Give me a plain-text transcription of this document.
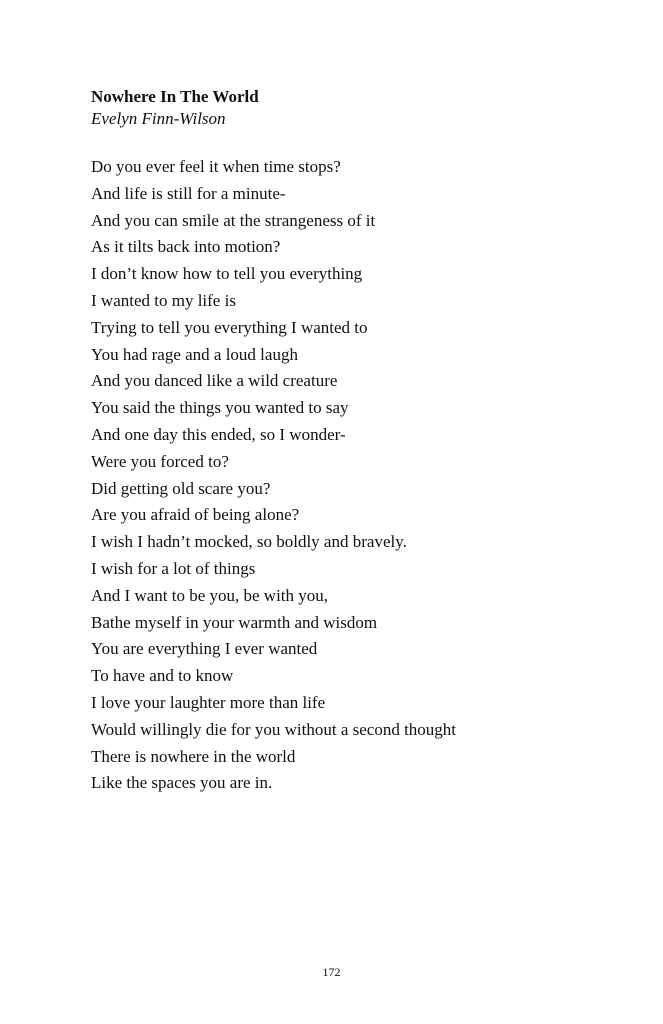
Nowhere In The World
Evelyn Finn-Wilson
Do you ever feel it when time stops?
And life is still for a minute-
And you can smile at the strangeness of it
As it tilts back into motion?
I don’t know how to tell you everything
I wanted to my life is
Trying to tell you everything I wanted to
You had rage and a loud laugh
And you danced like a wild creature
You said the things you wanted to say
And one day this ended, so I wonder-
Were you forced to?
Did getting old scare you?
Are you afraid of being alone?
I wish I hadn’t mocked, so boldly and bravely.
I wish for a lot of things
And I want to be you, be with you,
Bathe myself in your warmth and wisdom
You are everything I ever wanted
To have and to know
I love your laughter more than life
Would willingly die for you without a second thought
There is nowhere in the world
Like the spaces you are in.
172
